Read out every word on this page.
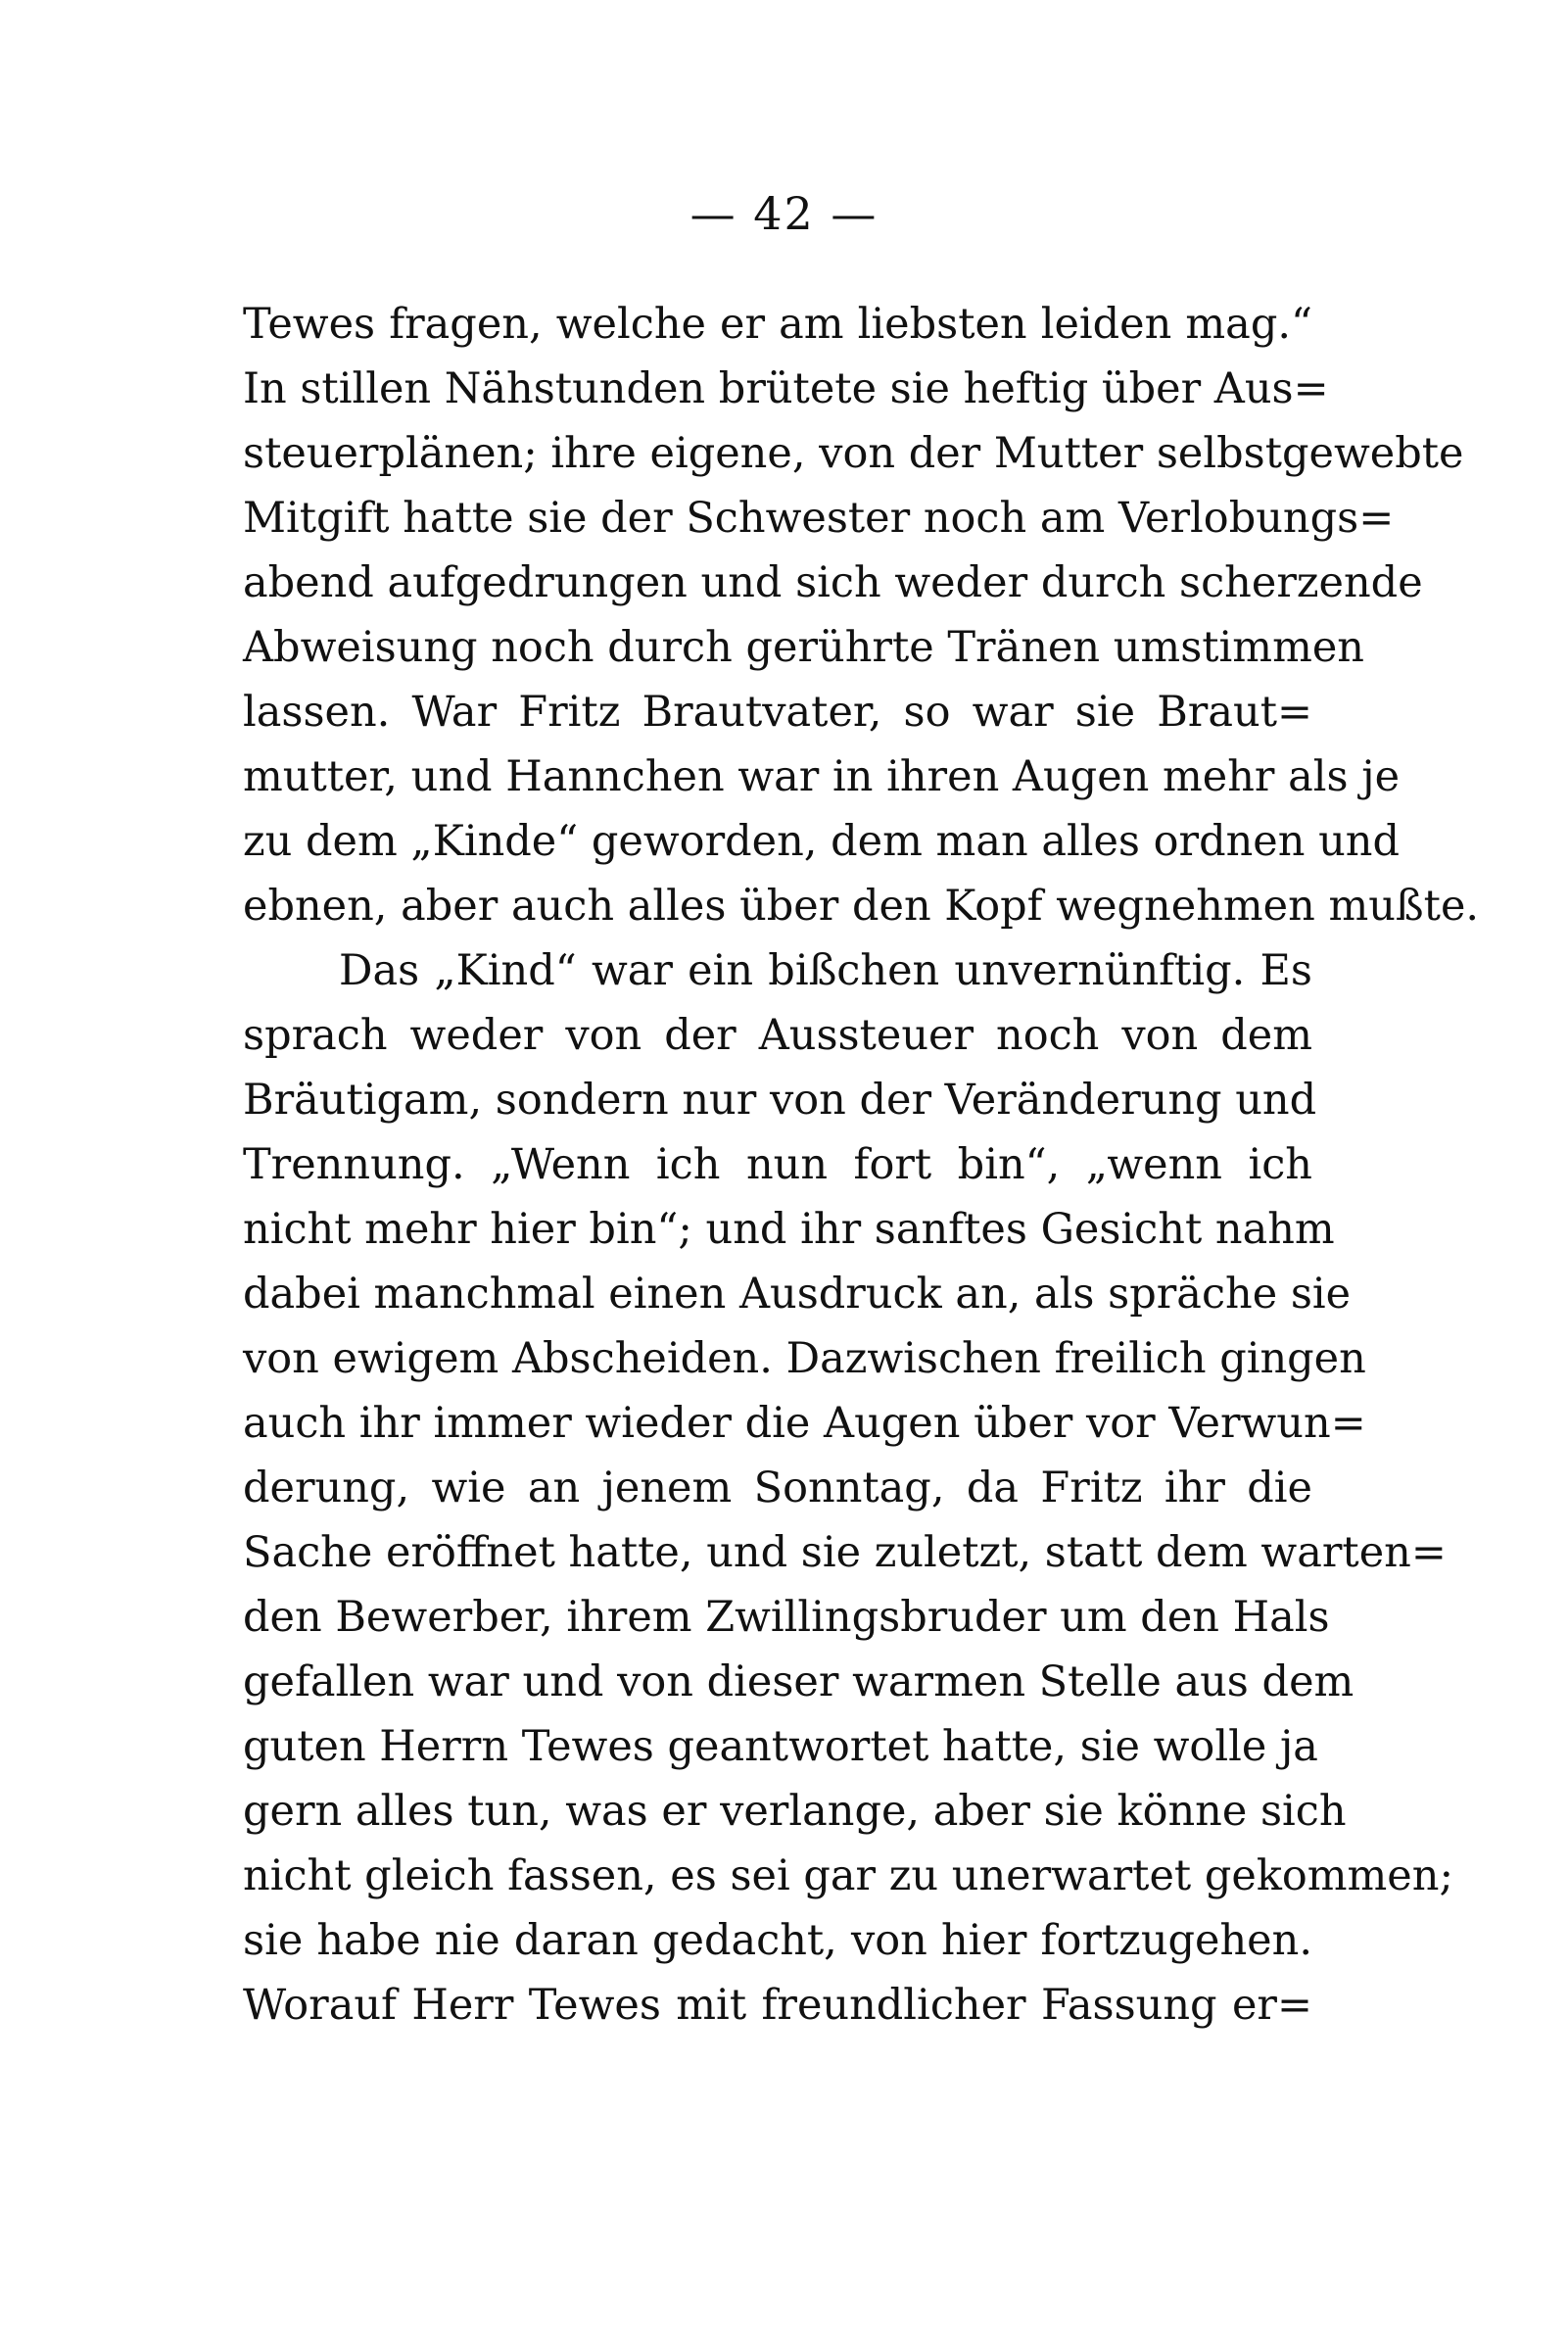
— 42 —
Tewes fragen, welche er am liebsten leiden mag.“
In stillen Nähstunden brütete sie heftig über Aus=
steuerplänen; ihre eigene, von der Mutter selbstgewebte
Mitgift hatte sie der Schwester noch am Verlobungs=
abend aufgedrungen und sich weder durch scherzende
Abweisung noch durch gerührte Tränen umstimmen
lassen. War Fritz Brautvater, so war sie Braut=
mutter, und Hannchen war in ihren Augen mehr als je
zu dem „Kinde“ geworden, dem man alles ordnen und
ebnen, aber auch alles über den Kopf wegnehmen mußte.
Das „Kind“ war ein bißchen unvernünftig. Es
sprach weder von der Aussteuer noch von dem
Bräutigam, sondern nur von der Veränderung und
Trennung. „Wenn ich nun fort bin“, „wenn ich
nicht mehr hier bin“; und ihr sanftes Gesicht nahm
dabei manchmal einen Ausdruck an, als spräche sie
von ewigem Abscheiden. Dazwischen freilich gingen
auch ihr immer wieder die Augen über vor Verwun=
derung, wie an jenem Sonntag, da Fritz ihr die
Sache eröffnet hatte, und sie zuletzt, statt dem warten=
den Bewerber, ihrem Zwillingsbruder um den Hals
gefallen war und von dieser warmen Stelle aus dem
guten Herrn Tewes geantwortet hatte, sie wolle ja
gern alles tun, was er verlange, aber sie könne sich
nicht gleich fassen, es sei gar zu unerwartet gekommen;
sie habe nie daran gedacht, von hier fortzugehen.
Worauf Herr Tewes mit freundlicher Fassung er=
